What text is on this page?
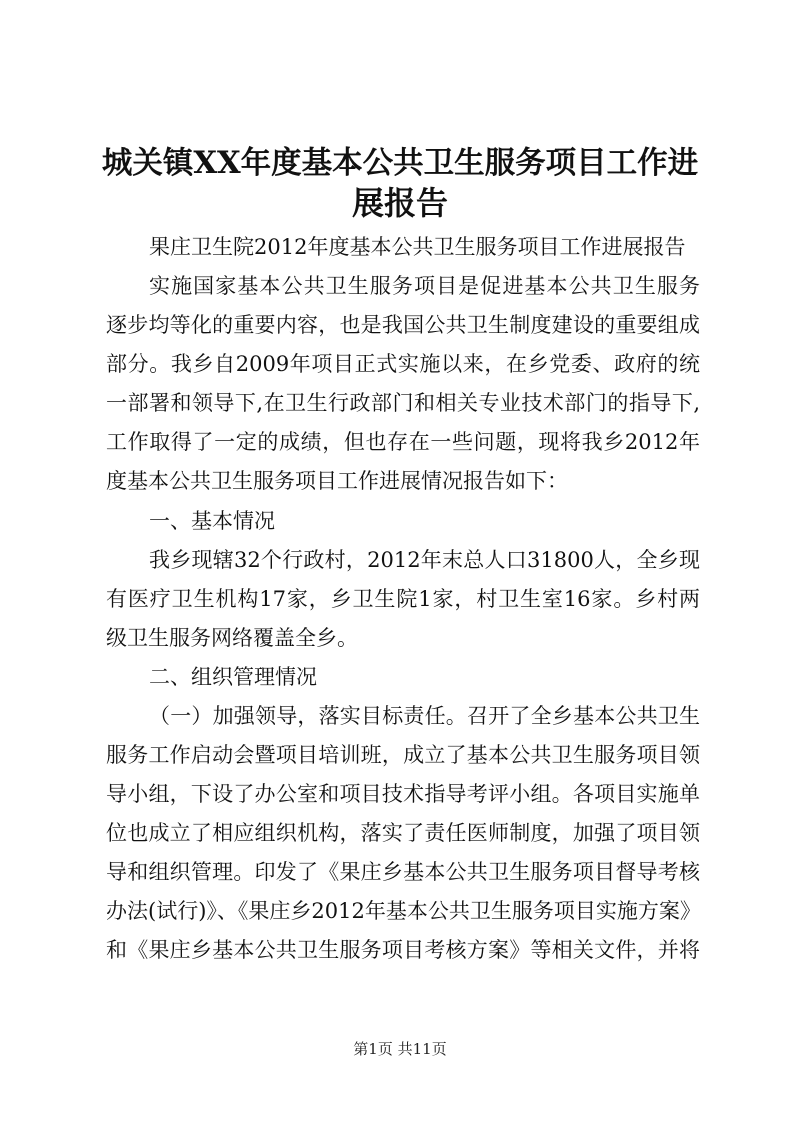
城关镇XX年度基本公共卫生服务项目工作进
展报告

果庄卫生院2012年度基本公共卫生服务项目工作进展报告

实施国家基本公共卫生服务项目是促进基本公共卫生服务

逐步均等化的重要内容，也是我国公共卫生制度建设的重要组成

部分。我乡自2009年项目正式实施以来，在乡党委、政府的统

一部署和领导下,在卫生行政部门和相关专业技术部门的指导下,

工作取得了一定的成绩，但也存在一些问题，现将我乡2012年

度基本公共卫生服务项目工作进展情况报告如下：

一、基本情况

我乡现辖32个行政村，2012年末总人口31800人，全乡现

有医疗卫生机构17家，乡卫生院1家，村卫生室16家。乡村两

级卫生服务网络覆盖全乡。

二、组织管理情况

（一）加强领导，落实目标责任。召开了全乡基本公共卫生

服务工作启动会暨项目培训班，成立了基本公共卫生服务项目领

导小组，下设了办公室和项目技术指导考评小组。各项目实施单

位也成立了相应组织机构，落实了责任医师制度，加强了项目领

导和组织管理。印发了《果庄乡基本公共卫生服务项目督导考核

办法(试行)》、《果庄乡2012年基本公共卫生服务项目实施方案》

和《果庄乡基本公共卫生服务项目考核方案》等相关文件，并将

第1页 共11页
